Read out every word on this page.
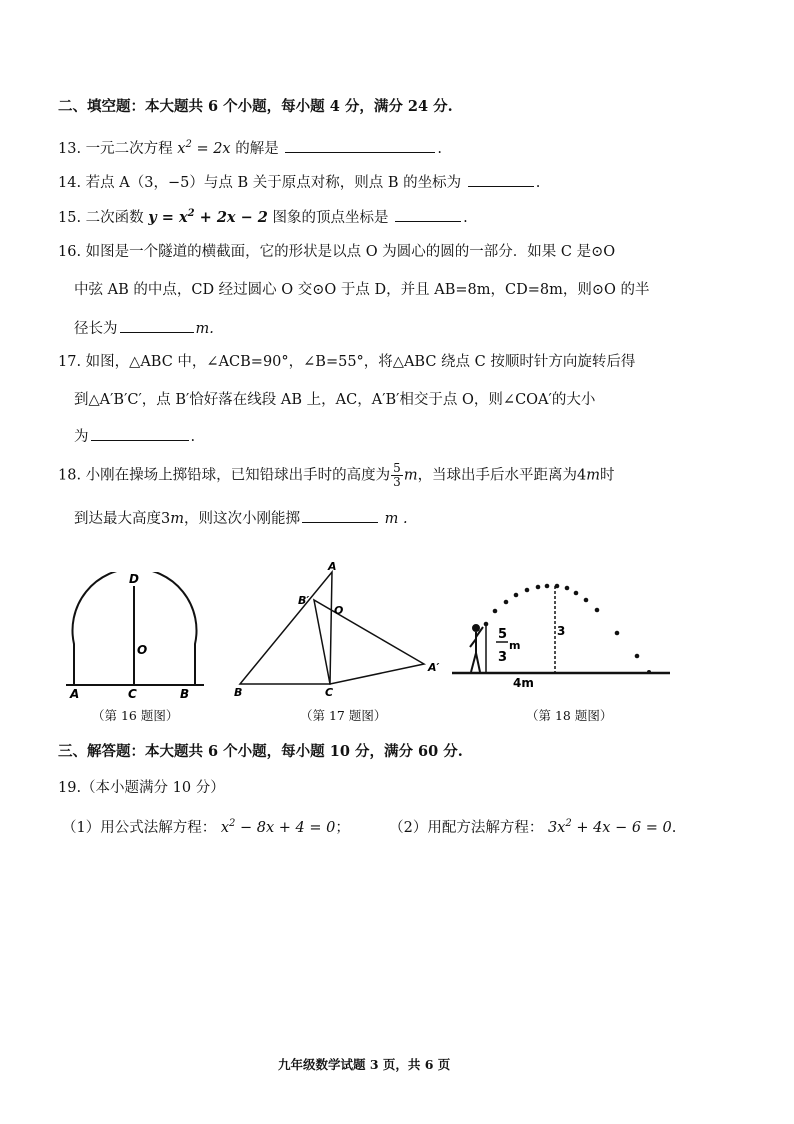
二、填空题：本大题共 6 个小题，每小题 4 分，满分 24 分.
13. 一元二次方程 $x^2 = 2x$ 的解是	.
14. 若点 A（3，−5）与点 B 关于原点对称，则点 B 的坐标为	.
15. 二次函数 $y = x^2 + 2x - 2$ 图象的顶点坐标是	.
16. 如图是一个隧道的横截面，它的形状是以点 O 为圆心的圆的一部分．如果 C 是⊙O
中弦 AB 的中点，CD 经过圆心 O 交⊙O 于点 D，并且 AB=8m，CD=8m，则⊙O 的半
径长为	m.
17. 如图，△ABC 中，∠ACB=90°，∠B=55°，将△ABC 绕点 C 按顺时针方向旋转后得
到△A′B′C′，点 B′恰好落在线段 AB 上，AC，A′B′相交于点 O，则∠COA′的大小
为	.
18. 小刚在操场上掷铅球，已知铅球出手时的高度为 $\frac{5}{3}$ m，当球出手后水平距离为4m时
到达最大高度3m，则这次小刚能掷	m .
D
O
A	C	B
（第 16 题图）
A
B′
O
A′
B	C
（第 17 题图）
5
m
3
3
4m
（第 18 题图）
三、解答题：本大题共 6 个小题，每小题 10 分，满分 60 分.
19.（本小题满分 10 分）
（1）用公式法解方程： $x^2 - 8x + 4 = 0$；	（2）用配方法解方程： $3x^2 + 4x - 6 = 0$.
九年级数学试题 3 页，共 6 页
